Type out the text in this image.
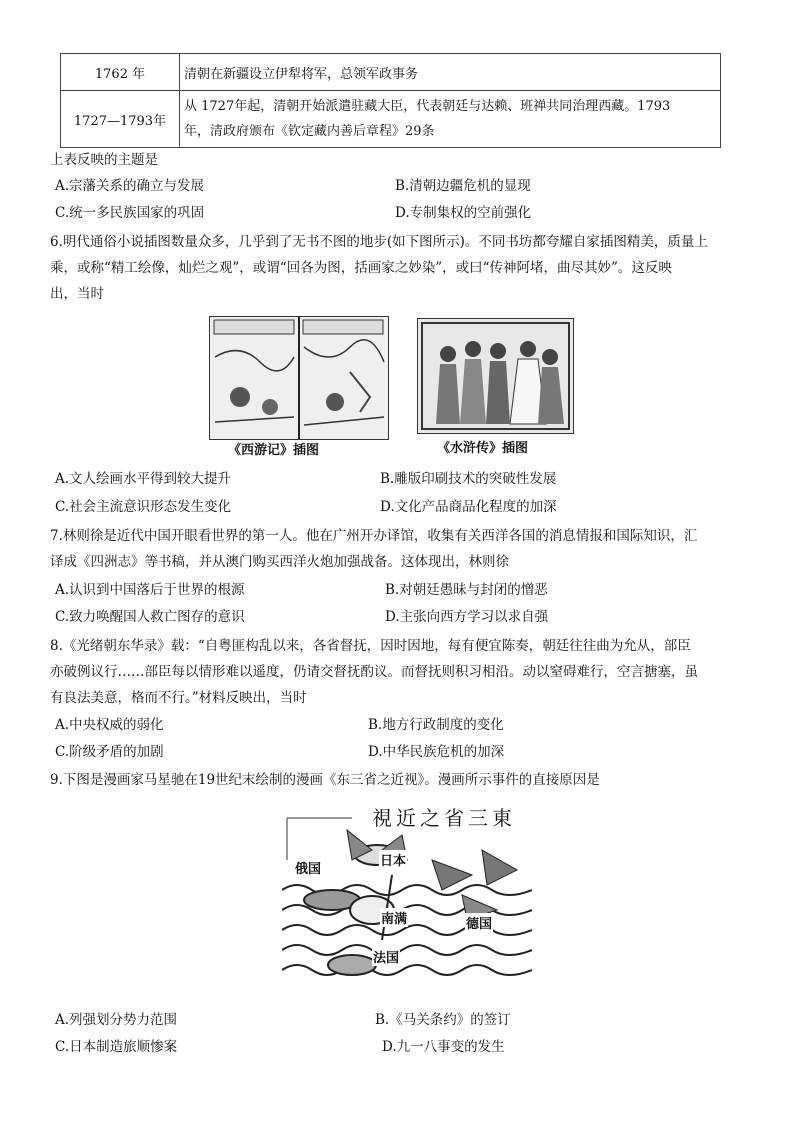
1762 年	清朝在新疆设立伊犁将军，总领军政事务
1727—1793年	从 1727年起，清朝开始派遣驻藏大臣，代表朝廷与达赖、班禅共同治理西藏。1793
年，清政府颁布《钦定藏内善后章程》29条
上表反映的主题是
A.宗藩关系的确立与发展	B.清朝边疆危机的显现
C.统一多民族国家的巩固	D.专制集权的空前强化
6.明代通俗小说插图数量众多，几乎到了无书不图的地步(如下图所示)。不同书坊都夸耀自家插图精美，质量上
乘，或称“精工绘像，灿烂之观”，或谓“回各为图，括画家之妙染”，或曰“传神阿堵，曲尽其妙”。这反映
出，当时
《西游记》插图	《水浒传》插图
A.文人绘画水平得到较大提升	B.雕版印刷技术的突破性发展
C.社会主流意识形态发生变化	D.文化产品商品化程度的加深
7.林则徐是近代中国开眼看世界的第一人。他在广州开办译馆，收集有关西洋各国的消息情报和国际知识，汇
译成《四洲志》等书稿，并从澳门购买西洋火炮加强战备。这体现出，林则徐
A.认识到中国落后于世界的根源	B.对朝廷愚昧与封闭的憎恶
C.致力唤醒国人救亡图存的意识	D.主张向西方学习以求自强
8.《光绪朝东华录》载：“自粤匪构乱以来，各省督抚，因时因地，每有便宜陈奏，朝廷往往曲为允从，部臣
亦破例议行……部臣每以情形难以遥度，仍请交督抚酌议。而督抚则积习相沿。动以窒碍难行，空言搪塞，虽
有良法美意，格而不行。”材料反映出，当时
A.中央权威的弱化	B.地方行政制度的变化
C.阶级矛盾的加剧	D.中华民族危机的加深
9.下图是漫画家马星驰在19世纪末绘制的漫画《东三省之近视》。漫画所示事件的直接原因是
視近之省三東
俄国
日本
南满	德国
法国
A.列强划分势力范围	B.《马关条约》的签订
C.日本制造旅顺惨案	D.九一八事变的发生
